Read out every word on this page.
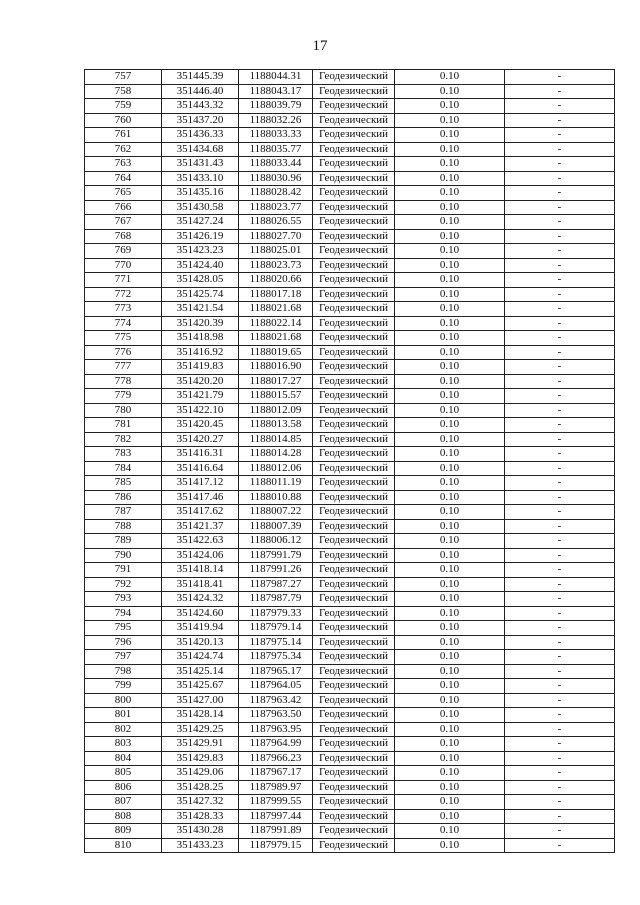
17
757	351445.39	1188044.31	Геодезический	0.10	-
758	351446.40	1188043.17	Геодезический	0.10	-
759	351443.32	1188039.79	Геодезический	0.10	-
760	351437.20	1188032.26	Геодезический	0.10	-
761	351436.33	1188033.33	Геодезический	0.10	-
762	351434.68	1188035.77	Геодезический	0.10	-
763	351431.43	1188033.44	Геодезический	0.10	-
764	351433.10	1188030.96	Геодезический	0.10	-
765	351435.16	1188028.42	Геодезический	0.10	-
766	351430.58	1188023.77	Геодезический	0.10	-
767	351427.24	1188026.55	Геодезический	0.10	-
768	351426.19	1188027.70	Геодезический	0.10	-
769	351423.23	1188025.01	Геодезический	0.10	-
770	351424.40	1188023.73	Геодезический	0.10	-
771	351428.05	1188020.66	Геодезический	0.10	-
772	351425.74	1188017.18	Геодезический	0.10	-
773	351421.54	1188021.68	Геодезический	0.10	-
774	351420.39	1188022.14	Геодезический	0.10	-
775	351418.98	1188021.68	Геодезический	0.10	-
776	351416.92	1188019.65	Геодезический	0.10	-
777	351419.83	1188016.90	Геодезический	0.10	-
778	351420.20	1188017.27	Геодезический	0.10	-
779	351421.79	1188015.57	Геодезический	0.10	-
780	351422.10	1188012.09	Геодезический	0.10	-
781	351420.45	1188013.58	Геодезический	0.10	-
782	351420.27	1188014.85	Геодезический	0.10	-
783	351416.31	1188014.28	Геодезический	0.10	-
784	351416.64	1188012.06	Геодезический	0.10	-
785	351417.12	1188011.19	Геодезический	0.10	-
786	351417.46	1188010.88	Геодезический	0.10	-
787	351417.62	1188007.22	Геодезический	0.10	-
788	351421.37	1188007.39	Геодезический	0.10	-
789	351422.63	1188006.12	Геодезический	0.10	-
790	351424.06	1187991.79	Геодезический	0.10	-
791	351418.14	1187991.26	Геодезический	0.10	-
792	351418.41	1187987.27	Геодезический	0.10	-
793	351424.32	1187987.79	Геодезический	0.10	-
794	351424.60	1187979.33	Геодезический	0.10	-
795	351419.94	1187979.14	Геодезический	0.10	-
796	351420.13	1187975.14	Геодезический	0.10	-
797	351424.74	1187975.34	Геодезический	0.10	-
798	351425.14	1187965.17	Геодезический	0.10	-
799	351425.67	1187964.05	Геодезический	0.10	-
800	351427.00	1187963.42	Геодезический	0.10	-
801	351428.14	1187963.50	Геодезический	0.10	-
802	351429.25	1187963.95	Геодезический	0.10	-
803	351429.91	1187964.99	Геодезический	0.10	-
804	351429.83	1187966.23	Геодезический	0.10	-
805	351429.06	1187967.17	Геодезический	0.10	-
806	351428.25	1187989.97	Геодезический	0.10	-
807	351427.32	1187999.55	Геодезический	0.10	-
808	351428.33	1187997.44	Геодезический	0.10	-
809	351430.28	1187991.89	Геодезический	0.10	-
810	351433.23	1187979.15	Геодезический	0.10	-
